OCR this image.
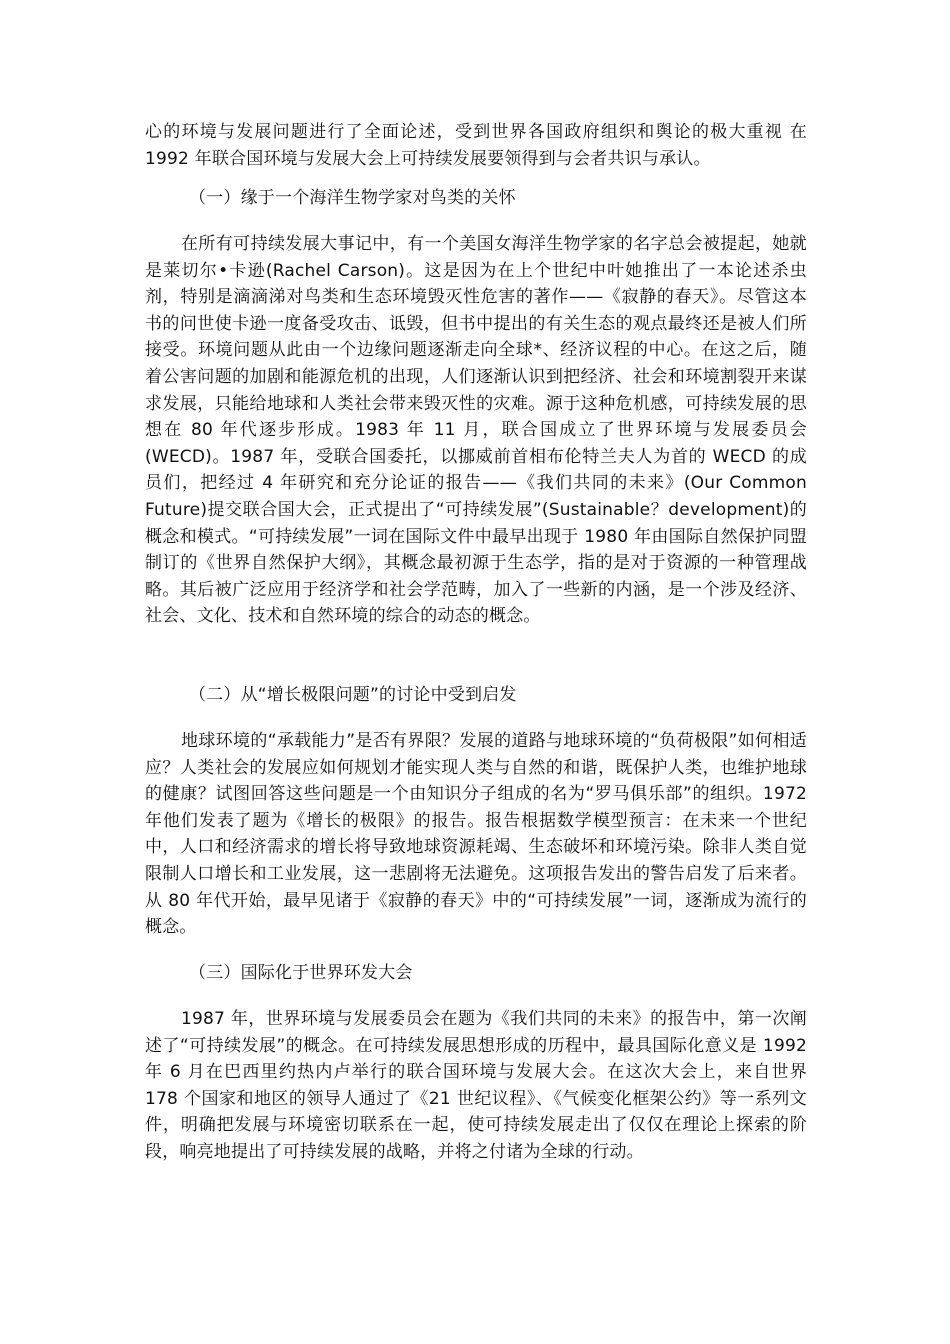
心的环境与发展问题进行了全面论述，受到世界各国政府组织和舆论的极大重视 在 1992 年联合国环境与发展大会上可持续发展要领得到与会者共识与承认。

（一）缘于一个海洋生物学家对鸟类的关怀

在所有可持续发展大事记中，有一个美国女海洋生物学家的名字总会被提起，她就是莱切尔•卡逊(Rachel Carson)。这是因为在上个世纪中叶她推出了一本论述杀虫剂，特别是滴滴涕对鸟类和生态环境毁灭性危害的著作——《寂静的春天》。尽管这本书的问世使卡逊一度备受攻击、诋毁，但书中提出的有关生态的观点最终还是被人们所接受。环境问题从此由一个边缘问题逐渐走向全球*、经济议程的中心。在这之后，随着公害问题的加剧和能源危机的出现，人们逐渐认识到把经济、社会和环境割裂开来谋求发展，只能给地球和人类社会带来毁灭性的灾难。源于这种危机感，可持续发展的思想在 80 年代逐步形成。1983 年 11 月，联合国成立了世界环境与发展委员会(WECD)。1987 年，受联合国委托，以挪威前首相布伦特兰夫人为首的 WECD 的成员们，把经过 4 年研究和充分论证的报告——《我们共同的未来》(Our Common Future)提交联合国大会，正式提出了“可持续发展”(Sustainable？development)的概念和模式。“可持续发展”一词在国际文件中最早出现于 1980 年由国际自然保护同盟制订的《世界自然保护大纲》，其概念最初源于生态学，指的是对于资源的一种管理战略。其后被广泛应用于经济学和社会学范畴，加入了一些新的内涵，是一个涉及经济、社会、文化、技术和自然环境的综合的动态的概念。

（二）从“增长极限问题”的讨论中受到启发

地球环境的“承载能力”是否有界限？发展的道路与地球环境的“负荷极限”如何相适应？人类社会的发展应如何规划才能实现人类与自然的和谐，既保护人类，也维护地球的健康？试图回答这些问题是一个由知识分子组成的名为“罗马俱乐部”的组织。1972 年他们发表了题为《增长的极限》的报告。报告根据数学模型预言：在未来一个世纪中，人口和经济需求的增长将导致地球资源耗竭、生态破坏和环境污染。除非人类自觉限制人口增长和工业发展，这一悲剧将无法避免。这项报告发出的警告启发了后来者。从 80 年代开始，最早见诸于《寂静的春天》中的“可持续发展”一词，逐渐成为流行的概念。

（三）国际化于世界环发大会

1987 年，世界环境与发展委员会在题为《我们共同的未来》的报告中，第一次阐述了“可持续发展”的概念。在可持续发展思想形成的历程中，最具国际化意义是 1992 年 6 月在巴西里约热内卢举行的联合国环境与发展大会。在这次大会上，来自世界 178 个国家和地区的领导人通过了《21 世纪议程》、《气候变化框架公约》等一系列文件，明确把发展与环境密切联系在一起，使可持续发展走出了仅仅在理论上探索的阶段，响亮地提出了可持续发展的战略，并将之付诸为全球的行动。
